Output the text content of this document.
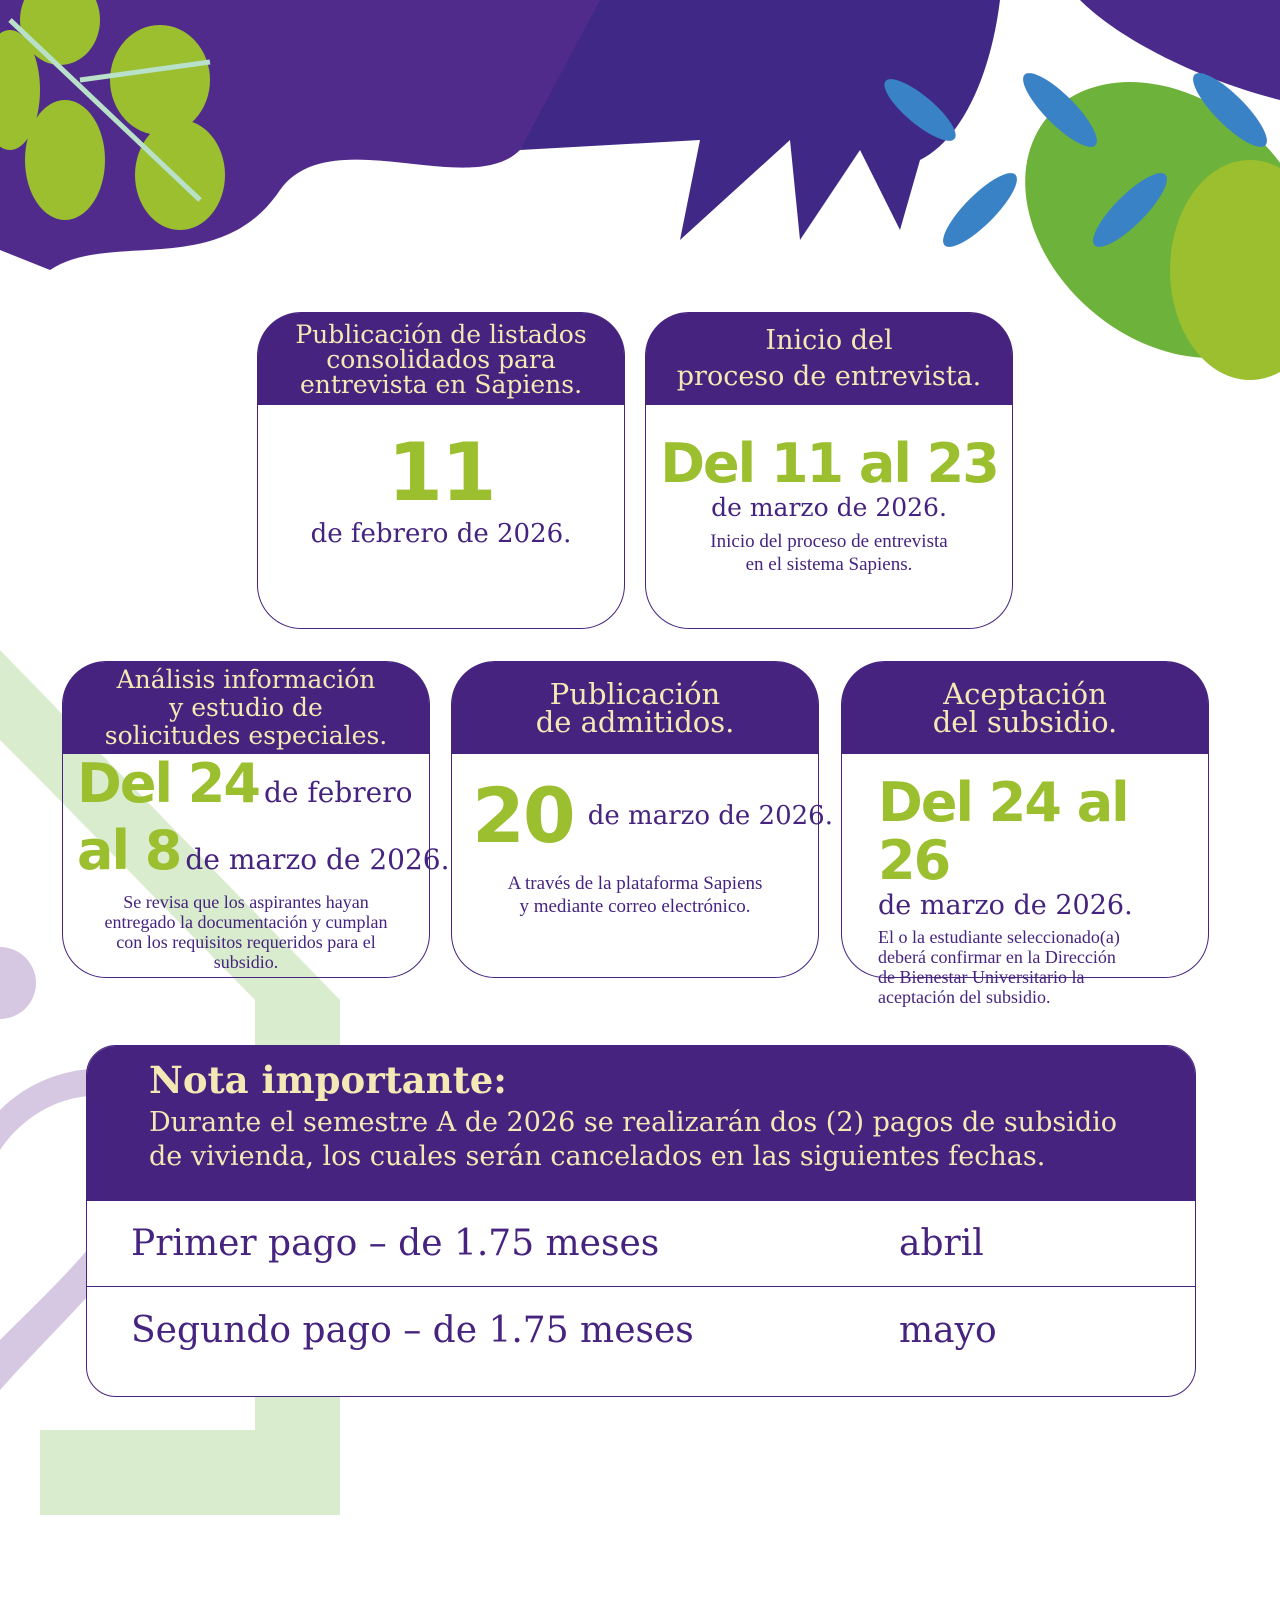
Publicación de listados
consolidados para
entrevista en Sapiens.
11
de febrero de 2026.
Inicio del
proceso de entrevista.
Del 11 al 23
de marzo de 2026.
Inicio del proceso de entrevista
en el sistema Sapiens.
Análisis información
y estudio de
solicitudes especiales.
Del 24 de febrero
al 8 de marzo de 2026.
Se revisa que los aspirantes hayan
entregado la documentación y cumplan
con los requisitos requeridos para el
subsidio.
Publicación
de admitidos.
20 de marzo de 2026.
A través de la plataforma Sapiens
y mediante correo electrónico.
Aceptación
del subsidio.
Del 24 al 26
de marzo de 2026.
El o la estudiante seleccionado(a)
deberá confirmar en la Dirección
de Bienestar Universitario la
aceptación del subsidio.
Nota importante:
Durante el semestre A de 2026 se realizarán dos (2) pagos de subsidio
de vivienda, los cuales serán cancelados en las siguientes fechas.
Primer pago – de 1.75 meses	abril
Segundo pago – de 1.75 meses	mayo
